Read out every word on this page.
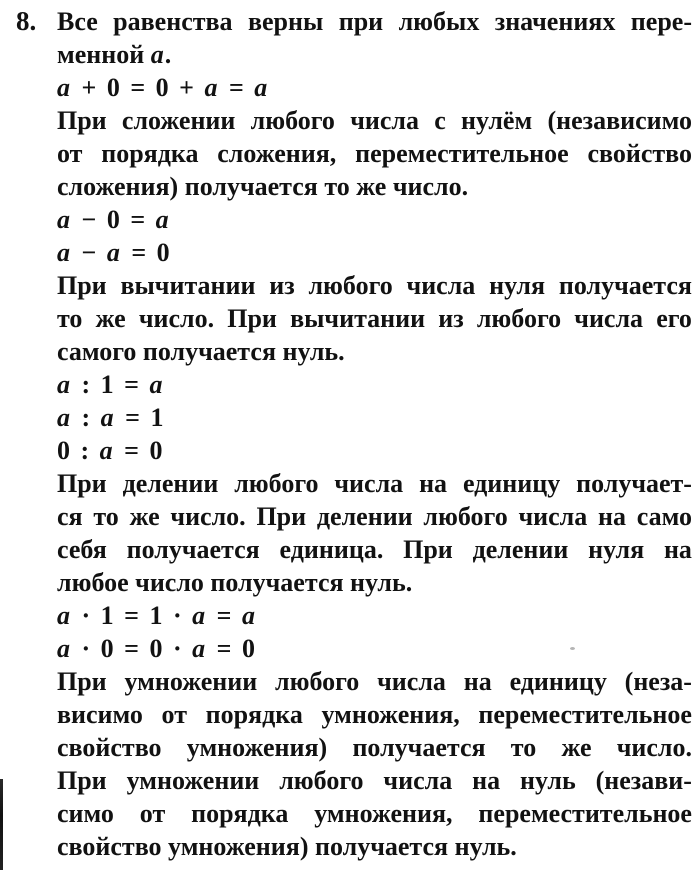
8. Все равенства верны при любых значениях пере-
менной a.
a + 0 = 0 + a = a
При сложении любого числа с нулём (независимо
от порядка сложения, переместительное свойство
сложения) получается то же число.
a − 0 = a
a − a = 0
При вычитании из любого числа нуля получается
то же число. При вычитании из любого числа его
самого получается нуль.
a : 1 = a
a : a = 1
0 : a = 0
При делении любого числа на единицу получает-
ся то же число. При делении любого числа на само
себя получается единица. При делении нуля на
любое число получается нуль.
a · 1 = 1 · a = a
a · 0 = 0 · a = 0
При умножении любого числа на единицу (неза-
висимо от порядка умножения, переместительное
свойство умножения) получается то же число.
При умножении любого числа на нуль (незави-
симо от порядка умножения, переместительное
свойство умножения) получается нуль.
